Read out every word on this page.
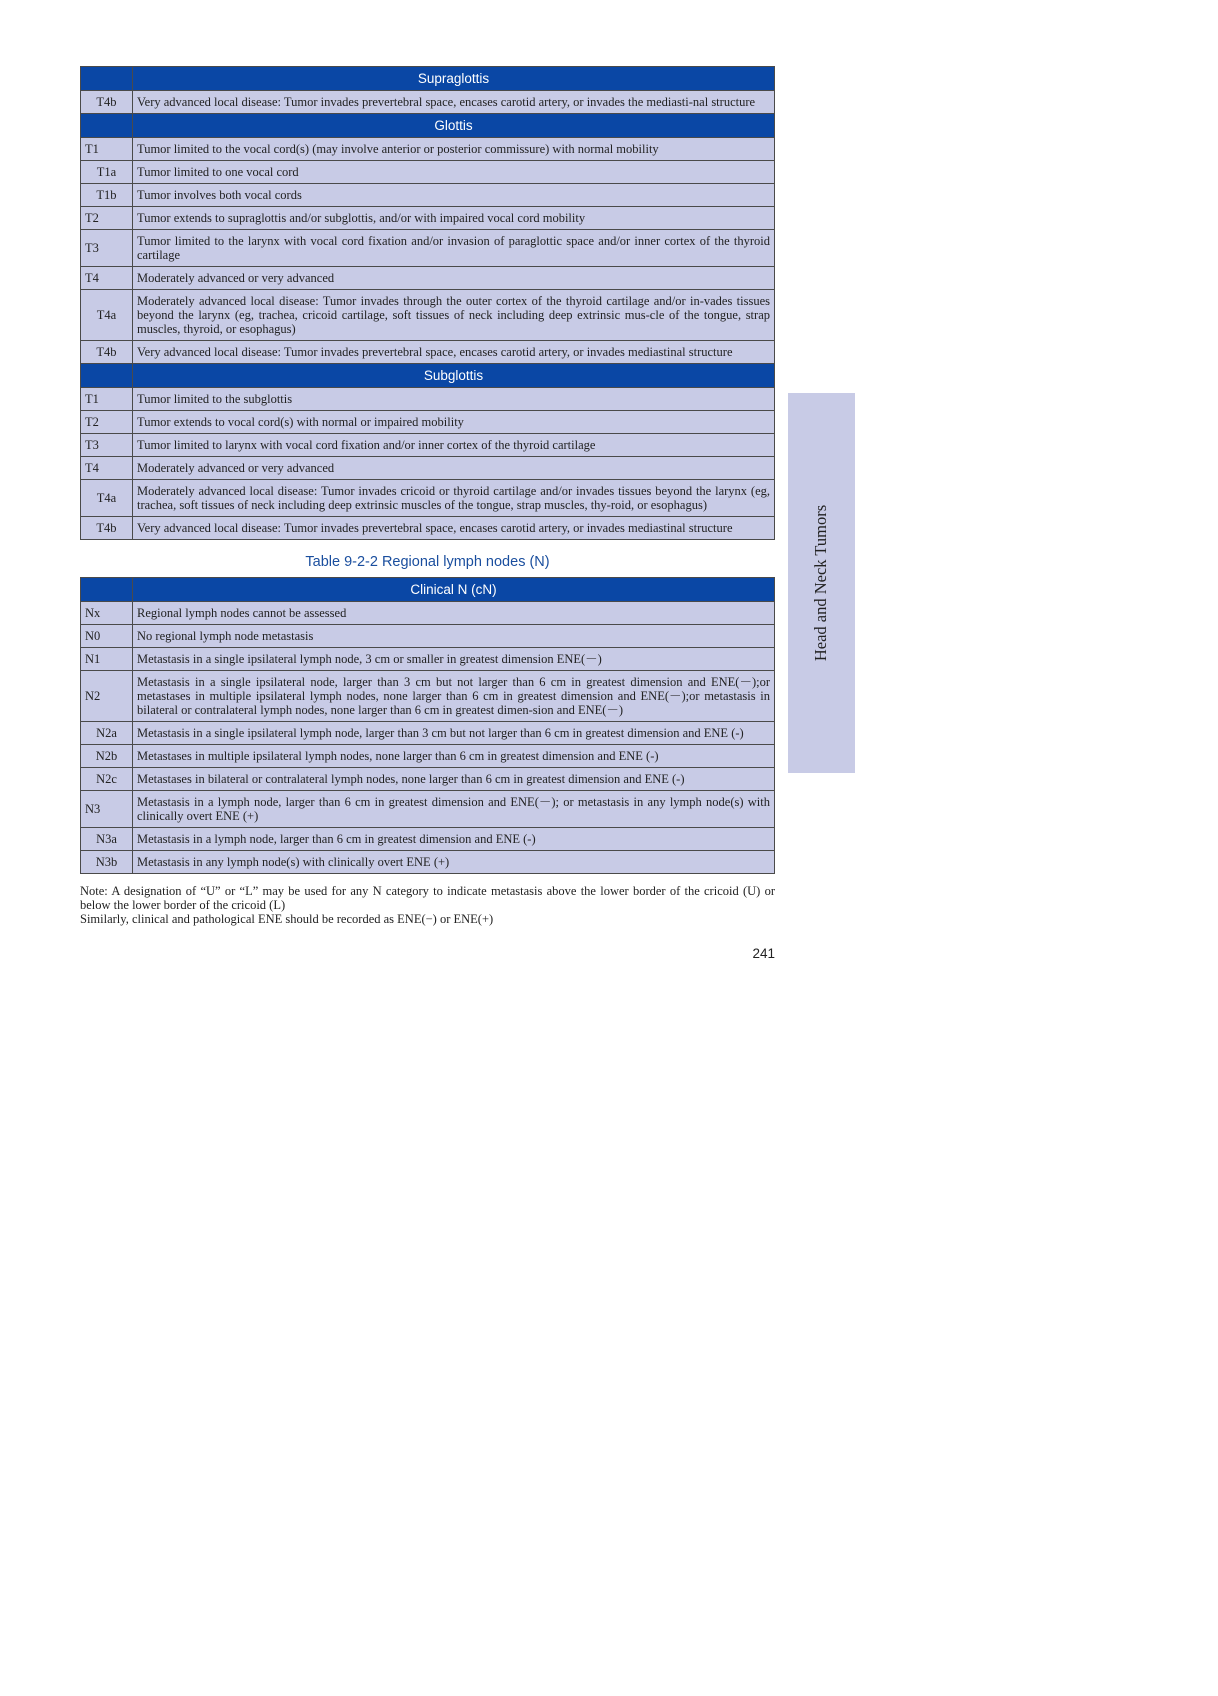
	Supraglottis
T4b	Very advanced local disease: Tumor invades prevertebral space, encases carotid artery, or invades the mediasti-nal structure
	Glottis
T1	Tumor limited to the vocal cord(s) (may involve anterior or posterior commissure) with normal mobility
T1a	Tumor limited to one vocal cord
T1b	Tumor involves both vocal cords
T2	Tumor extends to supraglottis and/or subglottis, and/or with impaired vocal cord mobility
T3	Tumor limited to the larynx with vocal cord fixation and/or invasion of paraglottic space and/or inner cortex of the thyroid cartilage
T4	Moderately advanced or very advanced
T4a	Moderately advanced local disease: Tumor invades through the outer cortex of the thyroid cartilage and/or in-vades tissues beyond the larynx (eg, trachea, cricoid cartilage, soft tissues of neck including deep extrinsic mus-cle of the tongue, strap muscles, thyroid, or esophagus)
T4b	Very advanced local disease: Tumor invades prevertebral space, encases carotid artery, or invades mediastinal structure
	Subglottis
T1	Tumor limited to the subglottis
T2	Tumor extends to vocal cord(s) with normal or impaired mobility
T3	Tumor limited to larynx with vocal cord fixation and/or inner cortex of the thyroid cartilage
T4	Moderately advanced or very advanced
T4a	Moderately advanced local disease: Tumor invades cricoid or thyroid cartilage and/or invades tissues beyond the larynx (eg, trachea, soft tissues of neck including deep extrinsic muscles of the tongue, strap muscles, thy-roid, or esophagus)
T4b	Very advanced local disease: Tumor invades prevertebral space, encases carotid artery, or invades mediastinal structure
Table 9-2-2 Regional lymph nodes (N)
	Clinical N (cN)
Nx	Regional lymph nodes cannot be assessed
N0	No regional lymph node metastasis
N1	Metastasis in a single ipsilateral lymph node, 3 cm or smaller in greatest dimension ENE(－)
N2	Metastasis in a single ipsilateral node, larger than 3 cm but not larger than 6 cm in greatest dimension and ENE(－);or metastases in multiple ipsilateral lymph nodes, none larger than 6 cm in greatest dimension and ENE(－);or metastasis in bilateral or contralateral lymph nodes, none larger than 6 cm in greatest dimen-sion and ENE(－)
N2a	Metastasis in a single ipsilateral lymph node, larger than 3 cm but not larger than 6 cm in greatest dimension and ENE (-)
N2b	Metastases in multiple ipsilateral lymph nodes, none larger than 6 cm in greatest dimension and ENE (-)
N2c	Metastases in bilateral or contralateral lymph nodes, none larger than 6 cm in greatest dimension and ENE (-)
N3	Metastasis in a lymph node, larger than 6 cm in greatest dimension and ENE(－); or metastasis in any lymph node(s) with clinically overt ENE (+)
N3a	Metastasis in a lymph node, larger than 6 cm in greatest dimension and ENE (-)
N3b	Metastasis in any lymph node(s) with clinically overt ENE (+)

Note: A designation of “U” or “L” may be used for any N category to indicate metastasis above the lower border of the cricoid (U) or below the lower border of the cricoid (L)

Similarly, clinical and pathological ENE should be recorded as ENE(−) or ENE(+)

241
Head and Neck Tumors
